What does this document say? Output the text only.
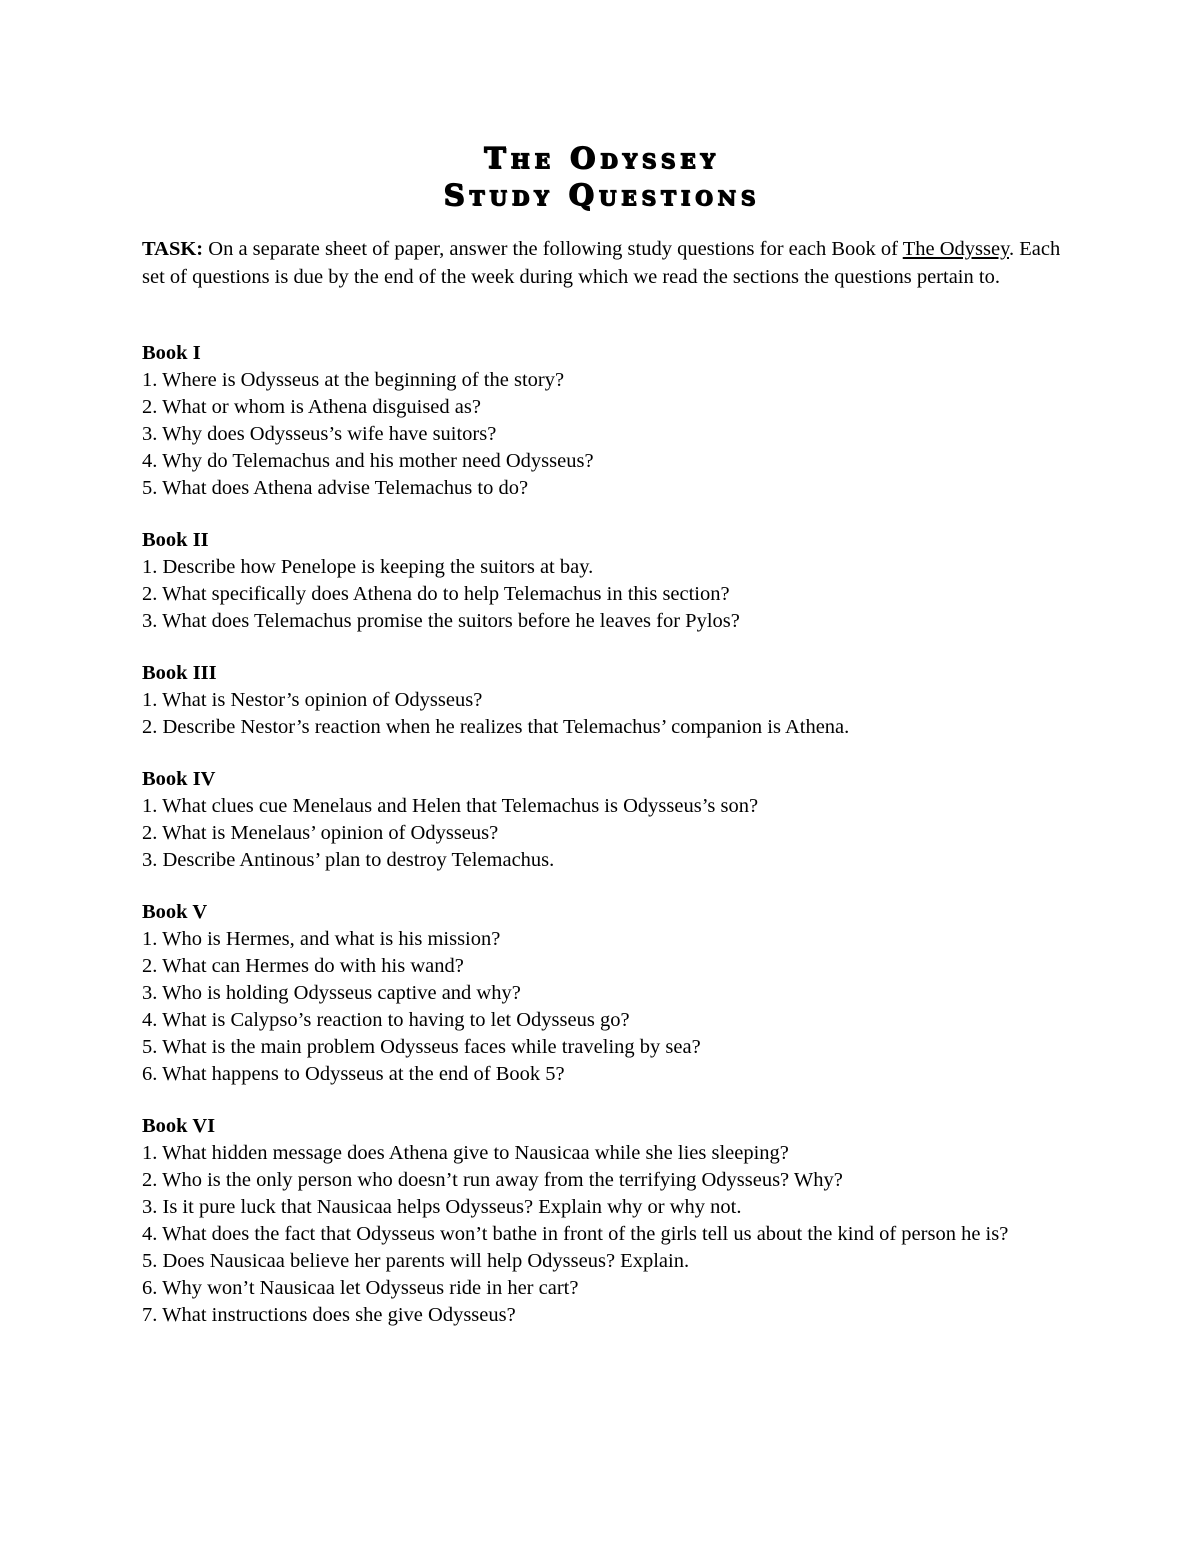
The Odyssey
Study Questions

TASK: On a separate sheet of paper, answer the following study questions for each Book of The Odyssey. Each set of questions is due by the end of the week during which we read the sections the questions pertain to.

Book I
1. Where is Odysseus at the beginning of the story?
2. What or whom is Athena disguised as?
3. Why does Odysseus’s wife have suitors?
4. Why do Telemachus and his mother need Odysseus?
5. What does Athena advise Telemachus to do?
Book II
1. Describe how Penelope is keeping the suitors at bay.
2. What specifically does Athena do to help Telemachus in this section?
3. What does Telemachus promise the suitors before he leaves for Pylos?
Book III
1. What is Nestor’s opinion of Odysseus?
2. Describe Nestor’s reaction when he realizes that Telemachus’ companion is Athena.
Book IV
1. What clues cue Menelaus and Helen that Telemachus is Odysseus’s son?
2. What is Menelaus’ opinion of Odysseus?
3. Describe Antinous’ plan to destroy Telemachus.
Book V
1. Who is Hermes, and what is his mission?
2. What can Hermes do with his wand?
3. Who is holding Odysseus captive and why?
4. What is Calypso’s reaction to having to let Odysseus go?
5. What is the main problem Odysseus faces while traveling by sea?
6. What happens to Odysseus at the end of Book 5?
Book VI
1. What hidden message does Athena give to Nausicaa while she lies sleeping?
2. Who is the only person who doesn’t run away from the terrifying Odysseus? Why?
3. Is it pure luck that Nausicaa helps Odysseus? Explain why or why not.
4. What does the fact that Odysseus won’t bathe in front of the girls tell us about the kind of person he is?
5. Does Nausicaa believe her parents will help Odysseus? Explain.
6. Why won’t Nausicaa let Odysseus ride in her cart?
7. What instructions does she give Odysseus?
